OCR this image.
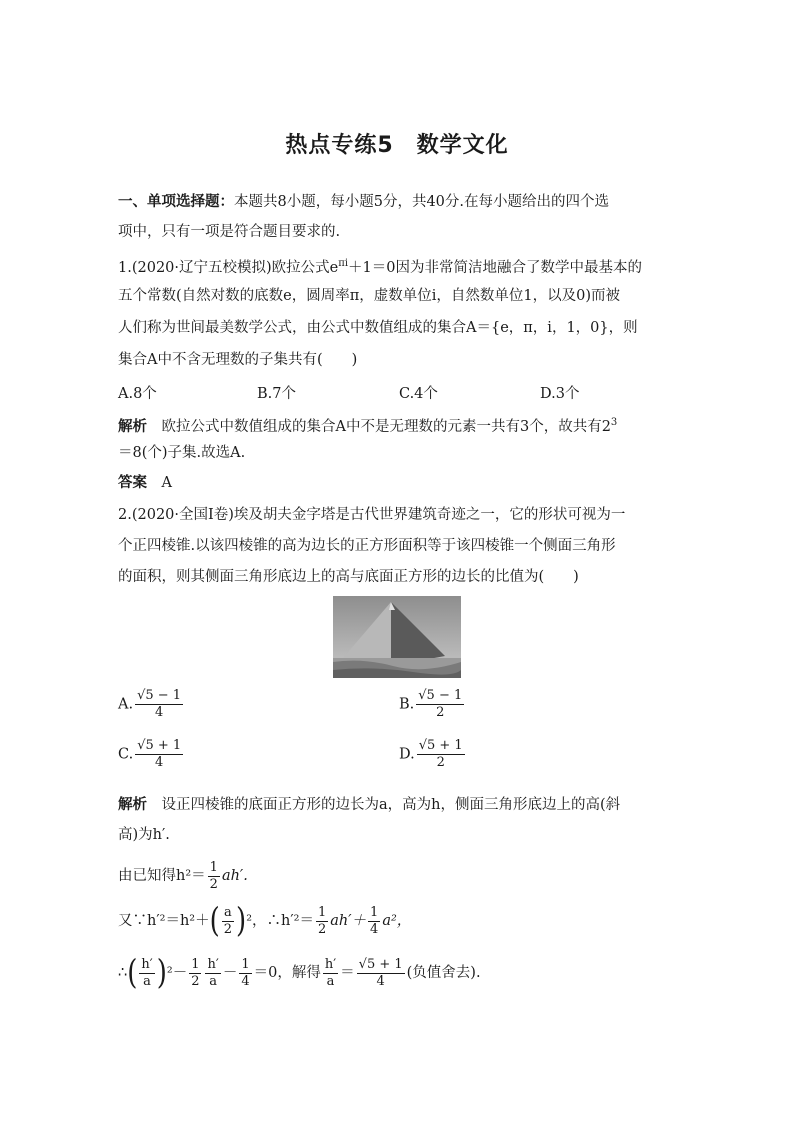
热点专练5　数学文化
一、单项选择题：本题共8小题，每小题5分，共40分.在每小题给出的四个选
项中，只有一项是符合题目要求的.
1.(2020·辽宁五校模拟)欧拉公式$e^{\pi i}+1=0$因为非常简洁地融合了数学中最基本的
五个常数(自然对数的底数e，圆周率π，虚数单位i，自然数单位1，以及0)而被
人们称为世间最美数学公式，由公式中数值组成的集合A＝{e，π，i，1，0}，则
集合A中不含无理数的子集共有(　　)
A.8个	B.7个	C.4个	D.3个
解析　 欧拉公式中数值组成的集合A中不是无理数的元素一共有3个，故共有$2^3$
＝8(个)子集.故选A.
答案　 A
2.(2020·全国Ⅰ卷)埃及胡夫金字塔是古代世界建筑奇迹之一，它的形状可视为一
个正四棱锥.以该四棱锥的高为边长的正方形面积等于该四棱锥一个侧面三角形
的面积，则其侧面三角形底边上的高与底面正方形的边长的比值为(　　)
A. $\frac{√5 - 1}{4}$	B. $\frac{√5 - 1}{2}$
C. $\frac{√5 + 1}{4}$	D. $\frac{√5 + 1}{2}$
解析　 设正四棱锥的底面正方形的边长为a，高为h，侧面三角形底边上的高(斜
高)为h′.
由已知得$h^2= \frac{1}{2} ah'$.
又∵h′²＝h²＋( $\frac{a}{2} )^2$，∴h′²＝ $\frac{1}{2} ah'+ \frac{1}{4} a^2$，
∴( $\frac{h'}{a} )^2- \frac{1}{2} \frac{h'}{a} - \frac{1}{4} =0$，解得 $\frac{h'}{a} = \frac{√5 + 1}{4}$ (负值舍去).
